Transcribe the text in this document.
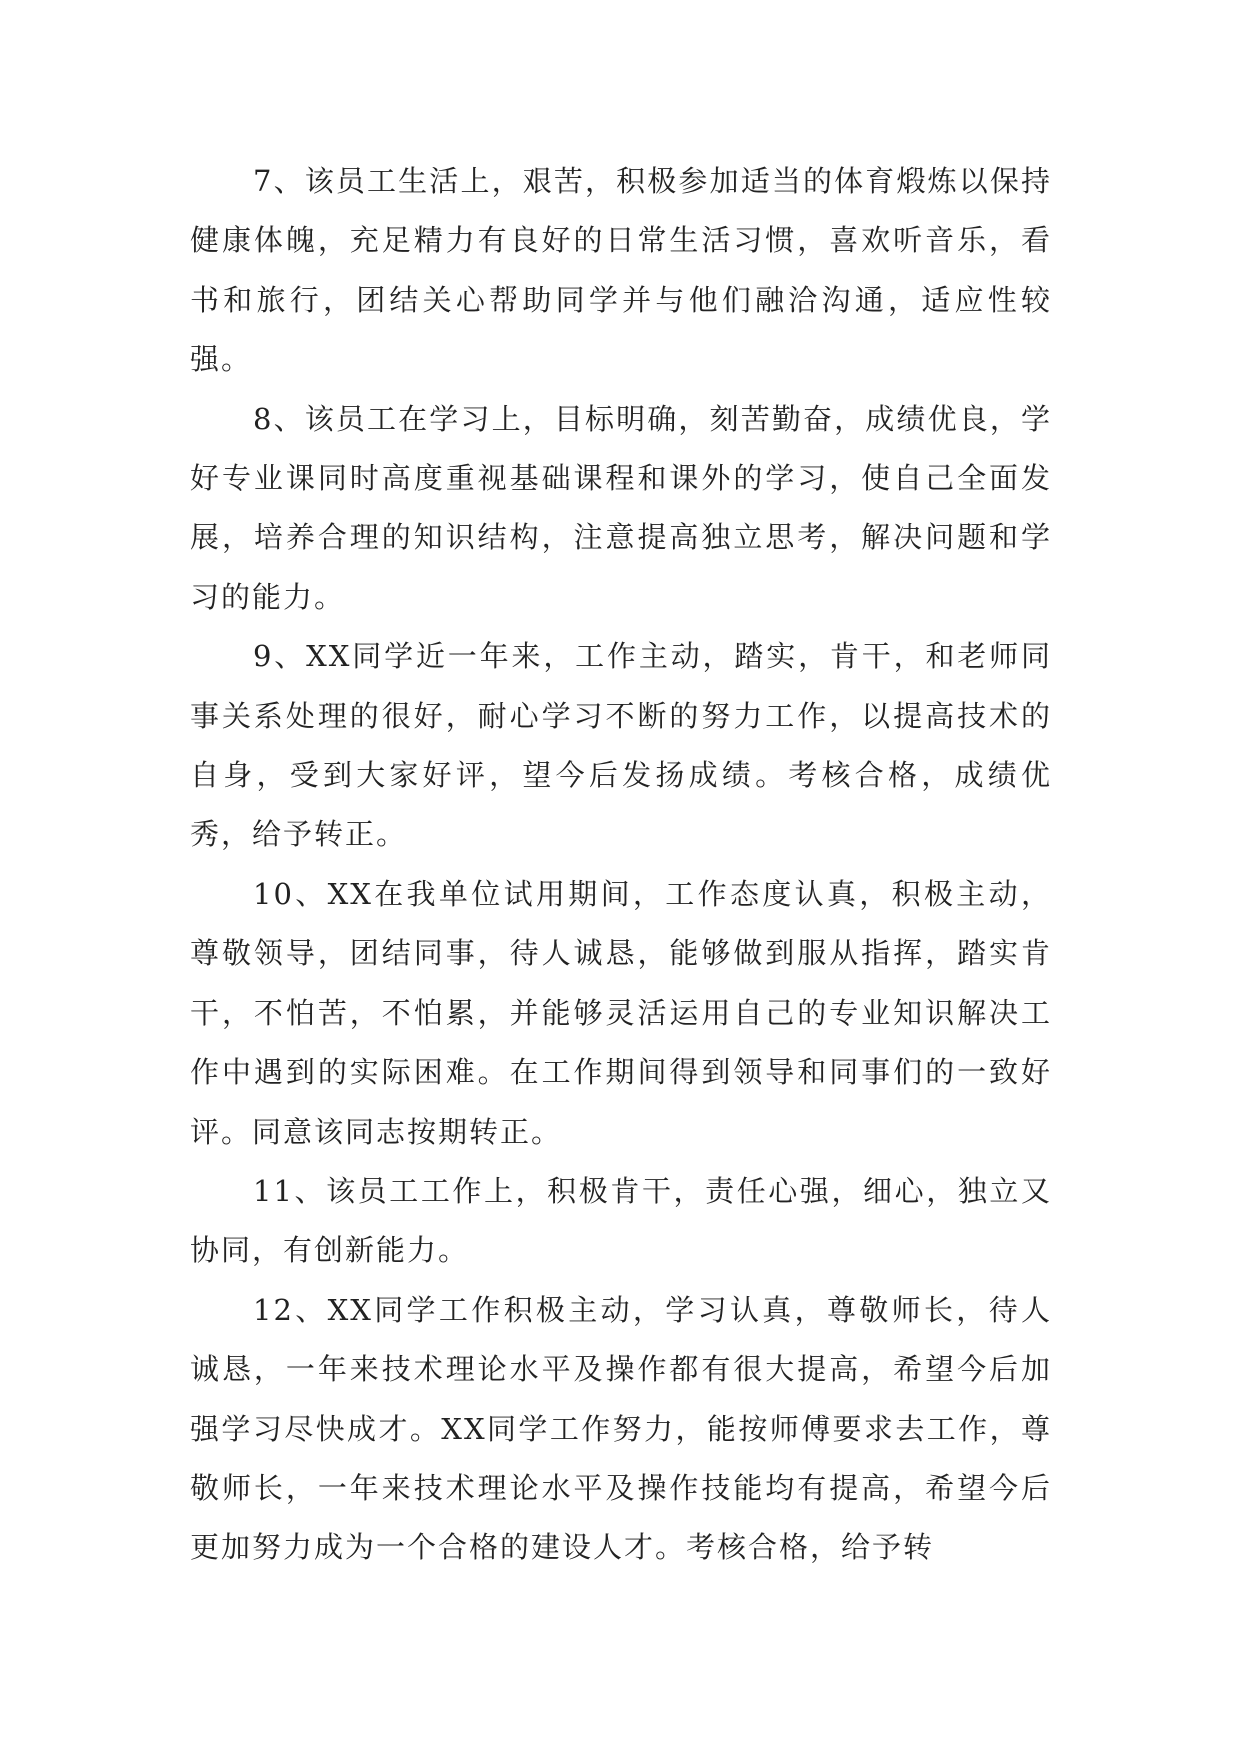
7、该员工生活上，艰苦，积极参加适当的体育煅炼以保持健康体魄，充足精力有良好的日常生活习惯，喜欢听音乐，看书和旅行，团结关心帮助同学并与他们融洽沟通，适应性较强。

8、该员工在学习上，目标明确，刻苦勤奋，成绩优良，学好专业课同时高度重视基础课程和课外的学习，使自己全面发展，培养合理的知识结构，注意提高独立思考，解决问题和学习的能力。

9、XX同学近一年来，工作主动，踏实，肯干，和老师同事关系处理的很好，耐心学习不断的努力工作，以提高技术的自身，受到大家好评，望今后发扬成绩。考核合格，成绩优秀，给予转正。

10、XX在我单位试用期间，工作态度认真，积极主动，尊敬领导，团结同事，待人诚恳，能够做到服从指挥，踏实肯干，不怕苦，不怕累，并能够灵活运用自己的专业知识解决工作中遇到的实际困难。在工作期间得到领导和同事们的一致好评。同意该同志按期转正。

11、该员工工作上，积极肯干，责任心强，细心，独立又协同，有创新能力。

12、XX同学工作积极主动，学习认真，尊敬师长，待人诚恳，一年来技术理论水平及操作都有很大提高，希望今后加强学习尽快成才。XX同学工作努力，能按师傅要求去工作，尊敬师长，一年来技术理论水平及操作技能均有提高，希望今后更加努力成为一个合格的建设人才。考核合格，给予转
